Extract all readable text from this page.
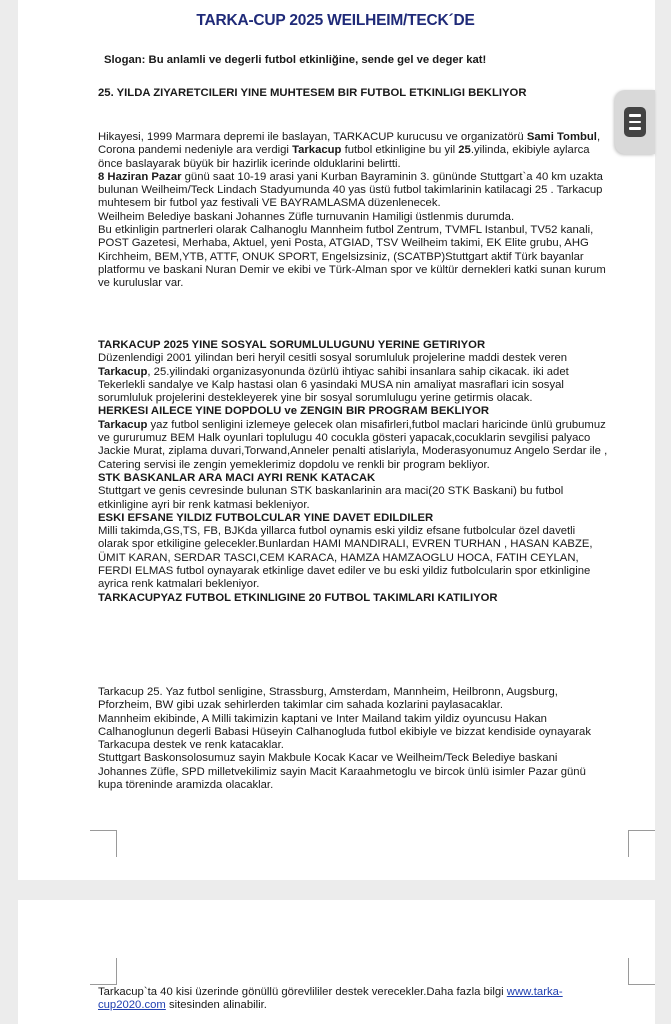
TARKA-CUP 2025 WEILHEIM/TECK´DE
Slogan: Bu anlamli ve degerli futbol etkinliğine, sende gel ve deger kat!
25. YILDA ZIYARETCILERI YINE MUHTESEM BIR FUTBOL ETKINLIGI BEKLIYOR

Hikayesi, 1999 Marmara depremi ile baslayan, TARKACUP kurucusu ve organizatörü Sami Tombul, Corona pandemi nedeniyle ara verdigi Tarkacup futbol etkinligine bu yil 25.yilinda, ekibiyle aylarca önce baslayarak büyük bir hazirlik icerinde olduklarini belirtti.

8 Haziran Pazar günü saat 10-19 arasi yani Kurban Bayraminin 3. gününde Stuttgart`a 40 km uzakta bulunan Weilheim/Teck Lindach Stadyumunda 40 yas üstü futbol takimlarinin katilacagi 25 . Tarkacup muhtesem bir futbol yaz festivali VE BAYRAMLASMA düzenlenecek.

Weilheim Belediye baskani Johannes Züfle turnuvanin Hamiligi üstlenmis durumda.

Bu etkinligin partnerleri olarak Calhanoglu Mannheim futbol Zentrum, TVMFL Istanbul, TV52 kanali, POST Gazetesi, Merhaba, Aktuel, yeni Posta, ATGIAD, TSV Weilheim takimi, EK Elite grubu, AHG Kirchheim, BEM,YTB, ATTF, ONUK SPORT, Engelsizsiniz, (SCATBP)Stuttgart aktif Türk bayanlar platformu ve baskani Nuran Demir ve ekibi ve Türk-Alman spor ve kültür dernekleri katki sunan kurum ve kuruluslar var.

TARKACUP 2025 YINE SOSYAL SORUMLULUGUNU YERINE GETIRIYOR

Düzenlendigi 2001 yilindan beri heryil cesitli sosyal sorumluluk projelerine maddi destek veren Tarkacup, 25.yilindaki organizasyonunda özürlü ihtiyac sahibi insanlara sahip cikacak. iki adet Tekerlekli sandalye ve Kalp hastasi olan 6 yasindaki MUSA nin amaliyat masraflari icin sosyal sorumluluk projelerini destekleyerek yine bir sosyal sorumlulugu yerine getirmis olacak.

HERKESI AILECE YINE DOPDOLU ve ZENGIN BIR PROGRAM BEKLIYOR

Tarkacup yaz futbol senligini izlemeye gelecek olan misafirleri,futbol maclari haricinde ünlü grubumuz ve gururumuz BEM Halk oyunlari toplulugu 40 cocukla gösteri yapacak,cocuklarin sevgilisi palyaco Jackie Murat, ziplama duvari,Torwand,Anneler penalti atislariyla, Moderasyonumuz Angelo Serdar ile , Catering servisi ile zengin yemeklerimiz dopdolu ve renkli bir program bekliyor.

STK BASKANLAR ARA MACI AYRI RENK KATACAK

Stuttgart ve genis cevresinde bulunan STK baskanlarinin ara maci(20 STK Baskani) bu futbol etkinligine ayri bir renk katmasi bekleniyor.

ESKI EFSANE YILDIZ FUTBOLCULAR YINE DAVET EDILDILER

Milli takimda,GS,TS, FB, BJKda yillarca futbol oynamis eski yildiz efsane futbolcular özel davetli olarak spor etkiligine gelecekler.Bunlardan HAMI MANDIRALI, EVREN TURHAN , HASAN KABZE, ÜMIT KARAN, SERDAR TASCI,CEM KARACA, HAMZA HAMZAOGLU HOCA, FATIH CEYLAN, FERDI ELMAS futbol oynayarak etkinlige davet ediler ve bu eski yildiz futbolcularin spor etkinligine ayrica renk katmalari bekleniyor.

TARKACUPYAZ FUTBOL ETKINLIGINE 20 FUTBOL TAKIMLARI KATILIYOR

Tarkacup 25. Yaz futbol senligine, Strassburg, Amsterdam, Mannheim, Heilbronn, Augsburg, Pforzheim, BW gibi uzak sehirlerden takimlar cim sahada kozlarini paylasacaklar.

Mannheim ekibinde, A Milli takimizin kaptani ve Inter Mailand takim yildiz oyuncusu Hakan Calhanoglunun degerli Babasi Hüseyin Calhanogluda futbol ekibiyle ve bizzat kendiside oynayarak Tarkacupa destek ve renk katacaklar.

Stuttgart Baskonsolosumuz sayin Makbule Kocak Kacar ve Weilheim/Teck Belediye baskani Johannes Züfle, SPD milletvekilimiz sayin Macit Karaahmetoglu ve bircok ünlü isimler Pazar günü kupa töreninde aramizda olacaklar.

Tarkacup`ta 40 kisi üzerinde gönüllü görevlililer destek verecekler.Daha fazla bilgi www.tarka-cup2020.com sitesinden alinabilir.
